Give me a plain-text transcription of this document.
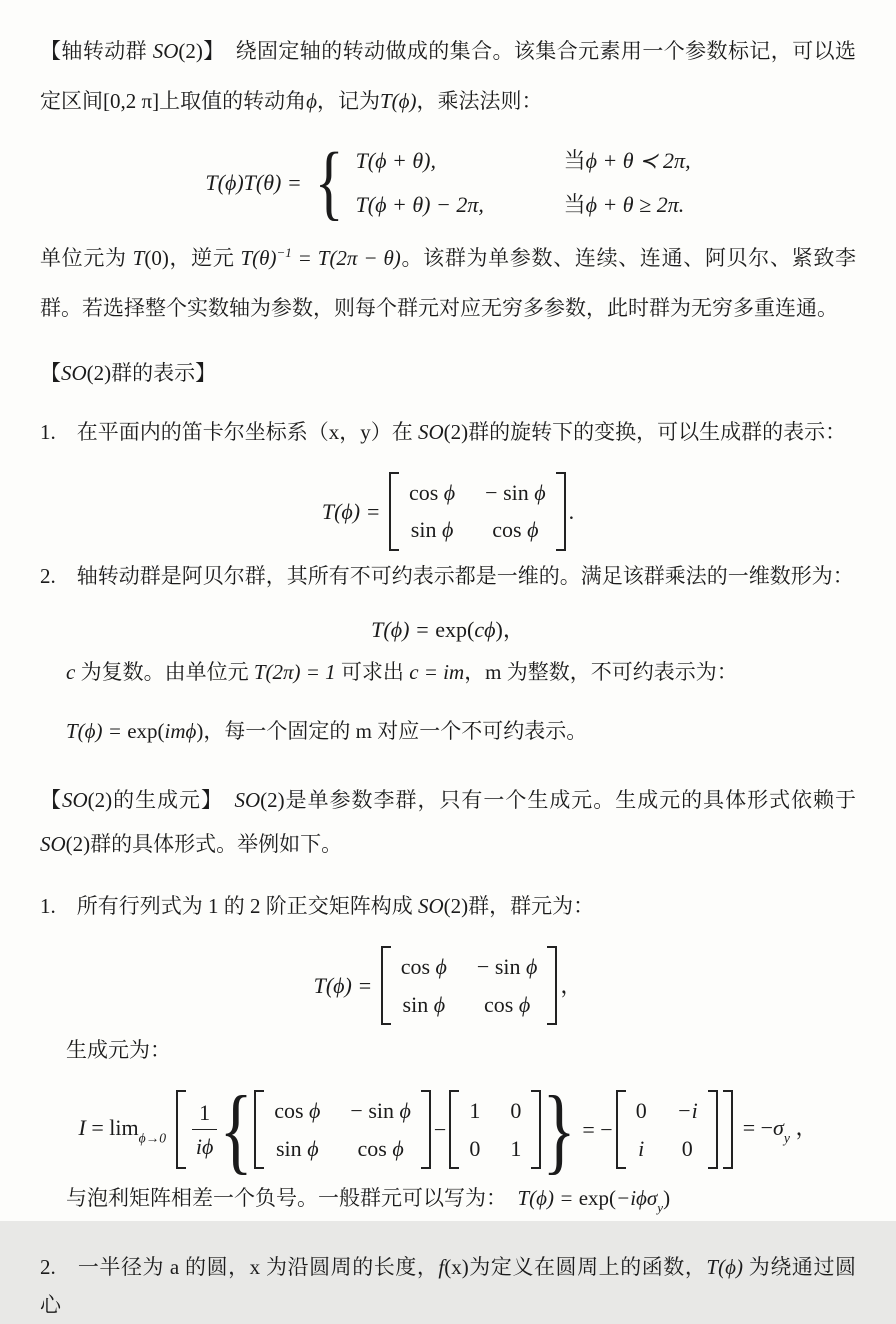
【轴转动群 SO(2)】　绕固定轴的转动做成的集合。该集合元素用一个参数标记，可以选定区间[0,2 π]上取值的转动角ϕ，记为T(ϕ)，乘法法则：

T(ϕ)T(θ) = { T(ϕ + θ),	当ϕ + θ ≺ 2π,
T(ϕ + θ) − 2π,	当ϕ + θ ≥ 2π.

单位元为 T(0)，逆元 $T(\theta)^{-1} = T(2\pi - \theta)$。该群为单参数、连续、连通、阿贝尔、紧致李群。若选择整个实数轴为参数，则每个群元对应无穷多参数，此时群为无穷多重连通。

【SO(2)群的表示】

1.　在平面内的笛卡尔坐标系（x，y）在 SO(2)群的旋转下的变换，可以生成群的表示：

T(ϕ) =
cos ϕ − sin ϕ
sin ϕ	cos ϕ
.

2.　轴转动群是阿贝尔群，其所有不可约表示都是一维的。满足该群乘法的一维数形为：

T(ϕ) = exp(cϕ)，

c 为复数。由单位元 T(2π) = 1 可求出 c = im，m 为整数，不可约表示为：

T(ϕ) = exp(imϕ)，每一个固定的 m 对应一个不可约表示。

【SO(2)的生成元】　SO(2)是单参数李群，只有一个生成元。生成元的具体形式依赖于 SO(2)群的具体形式。举例如下。

1.　所有行列式为 1 的 2 阶正交矩阵构成 SO(2)群，群元为：

T(ϕ) =
cos ϕ − sin ϕ
sin ϕ	cos ϕ
，

生成元为：

$I = \lim_{\phi\to 0} \frac{1}{i\phi}$ { cos ϕ − sin ϕ
sin ϕ	cos ϕ
−
1 0
0 1 } = −
0 −i
i 0
= $-\sigma_y$ ，

与泡利矩阵相差一个负号。一般群元可以写为：  T(ϕ) = exp(−iϕσ$_y$)

2.　一半径为 a 的圆，x 为沿圆周的长度，f(x)为定义在圆周上的函数，T(ϕ) 为绕通过圆心
